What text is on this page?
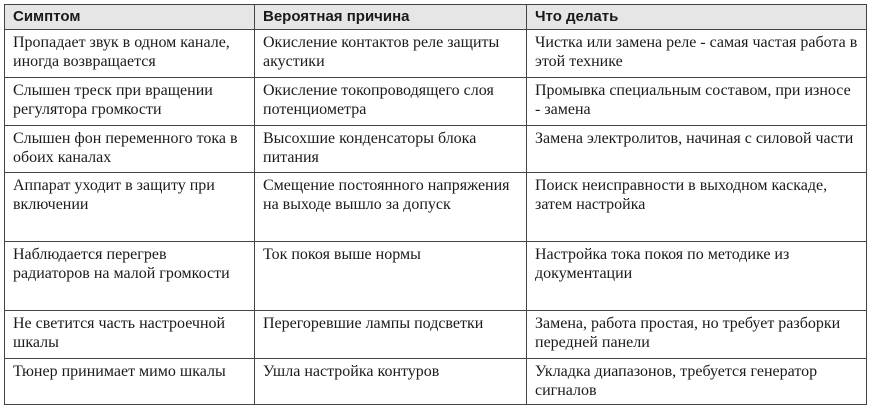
Симптом	Вероятная причина	Что делать
Пропадает звук в одном канале, иногда возвращается	Окисление контактов реле защиты акустики	Чистка или замена реле - самая частая работа в этой технике
Слышен треск при вращении регулятора громкости	Окисление токопроводящего слоя потенциометра	Промывка специальным составом, при износе - замена
Слышен фон переменного тока в обоих каналах	Высохшие конденсаторы блока питания	Замена электролитов, начиная с силовой части
Аппарат уходит в защиту при включении	Смещение постоянного напряжения на выходе вышло за допуск	Поиск неисправности в выходном каскаде, затем настройка
Наблюдается перегрев радиаторов на малой громкости	Ток покоя выше нормы	Настройка тока покоя по методике из документации
Не светится часть настроечной шкалы	Перегоревшие лампы подсветки	Замена, работа простая, но требует разборки передней панели
Тюнер принимает мимо шкалы	Ушла настройка контуров	Укладка диапазонов, требуется генератор сигналов
